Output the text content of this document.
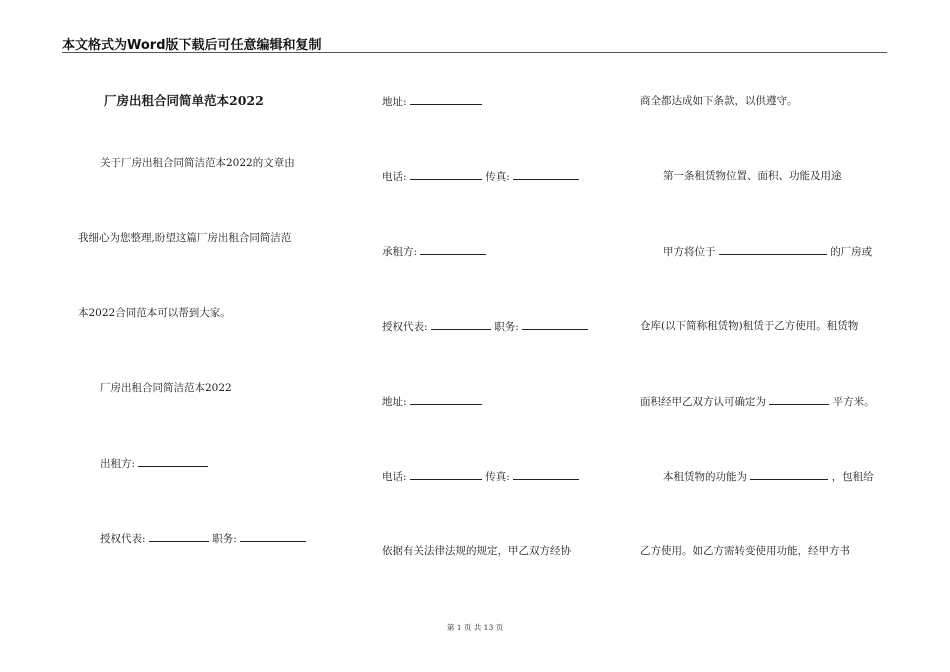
本文格式为Word版下载后可任意编辑和复制
厂房出租合同简单范本2022
关于厂房出租合同简洁范本2022的文章由
我细心为您整理,盼望这篇厂房出租合同简洁范
本2022合同范本可以帮到大家。
厂房出租合同简洁范本2022
出租方:
授权代表:	职务:
地址:
电话:	传真:
承租方:
授权代表:	职务:
地址:
电话:	传真:
依据有关法律法规的规定，甲乙双方经协
商全都达成如下条款，以供遵守。
第一条租赁物位置、面积、功能及用途
甲方将位于	的厂房或
仓库(以下简称租赁物)租赁于乙方使用。租赁物
面积经甲乙双方认可确定为	平方米。
本租赁物的功能为	，包租给
乙方使用。如乙方需转变使用功能，经甲方书
第 1 页 共 13 页
